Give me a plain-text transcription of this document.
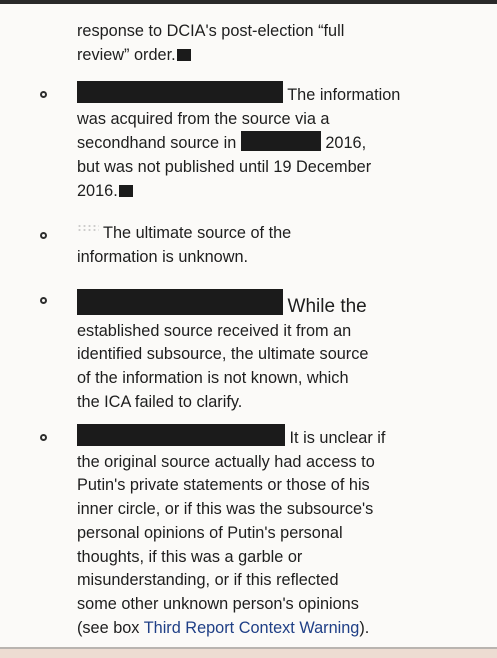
response to DCIA's post-election “full
review” order.
The information
was acquired from the source via a
secondhand source in	2016,
but was not published until 19 December
2016.
The ultimate source of the
information is unknown.
While the
established source received it from an
identified subsource, the ultimate source
of the information is not known, which
the ICA failed to clarify.
It is unclear if
the original source actually had access to
Putin's private statements or those of his
inner circle, or if this was the subsource's
personal opinions of Putin's personal
thoughts, if this was a garble or
misunderstanding, or if this reflected
some other unknown person's opinions
(see box Third Report Context Warning).
